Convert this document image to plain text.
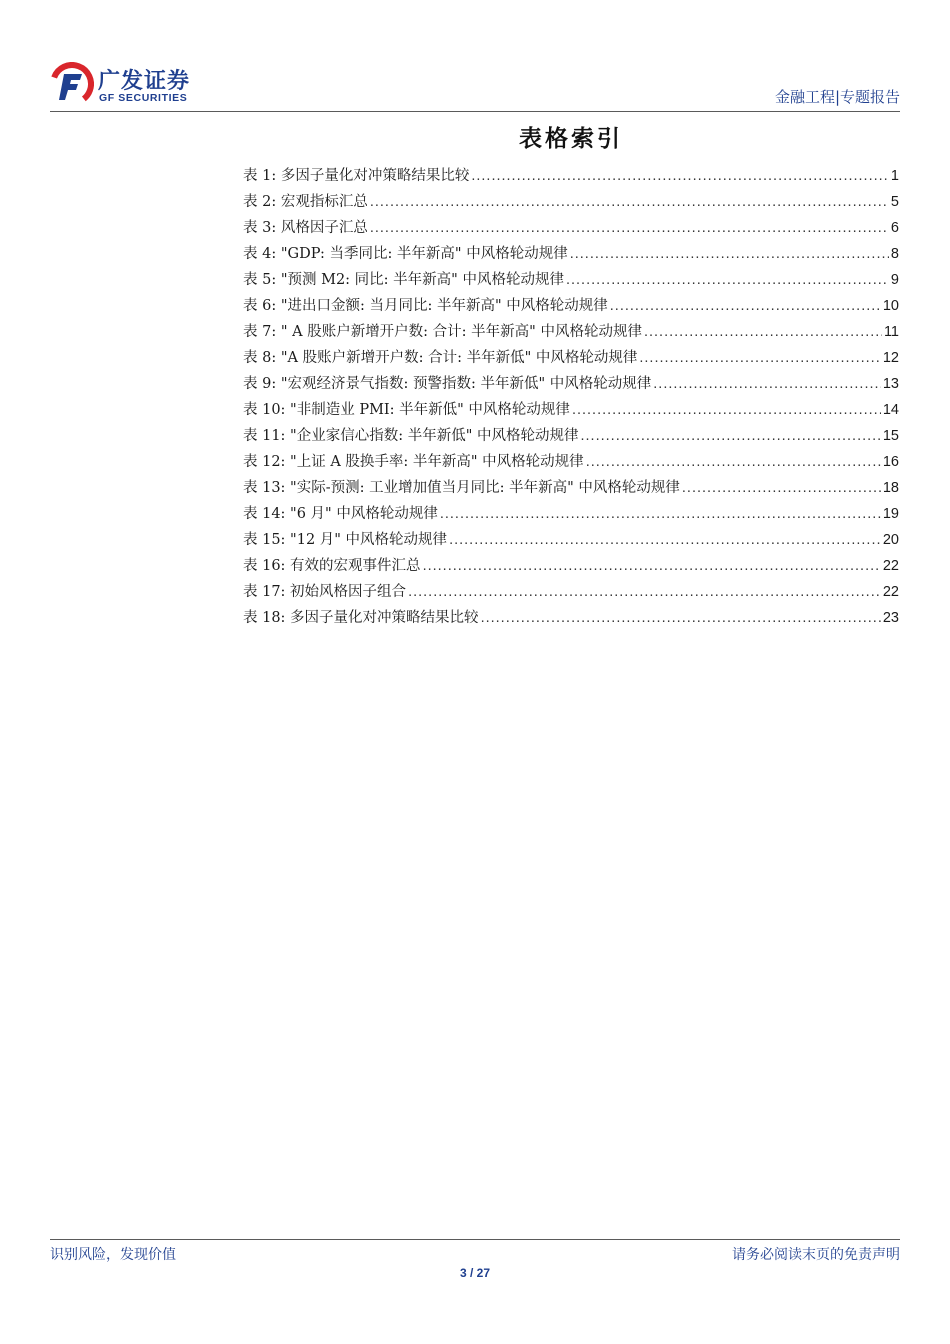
广发证券
GF SECURITIES	金融工程|专题报告
表格索引
表 1: 多因子量化对冲策略结果比较 .....	1
表 2: 宏观指标汇总 .....	5
表 3: 风格因子汇总 .....	6
表 4: "GDP: 当季同比: 半年新高" 中风格轮动规律 .....	8
表 5: "预测 M2: 同比: 半年新高" 中风格轮动规律 .....	9
表 6: "进出口金额: 当月同比: 半年新高" 中风格轮动规律 .....	10
表 7: " A 股账户新增开户数: 合计: 半年新高" 中风格轮动规律 .....	11
表 8: "A 股账户新增开户数: 合计: 半年新低" 中风格轮动规律 .....	12
表 9: "宏观经济景气指数: 预警指数: 半年新低" 中风格轮动规律 .....	13
表 10: "非制造业 PMI: 半年新低" 中风格轮动规律 .....	14
表 11: "企业家信心指数: 半年新低" 中风格轮动规律 .....	15
表 12: "上证 A 股换手率: 半年新高" 中风格轮动规律 .....	16
表 13: "实际-预测: 工业增加值当月同比: 半年新高" 中风格轮动规律 .....	18
表 14: "6 月" 中风格轮动规律 .....	19
表 15: "12 月" 中风格轮动规律 .....	20
表 16: 有效的宏观事件汇总 .....	22
表 17: 初始风格因子组合 .....	22
表 18: 多因子量化对冲策略结果比较 .....	23
识别风险，发现价值	请务必阅读末页的免责声明
3 / 27
